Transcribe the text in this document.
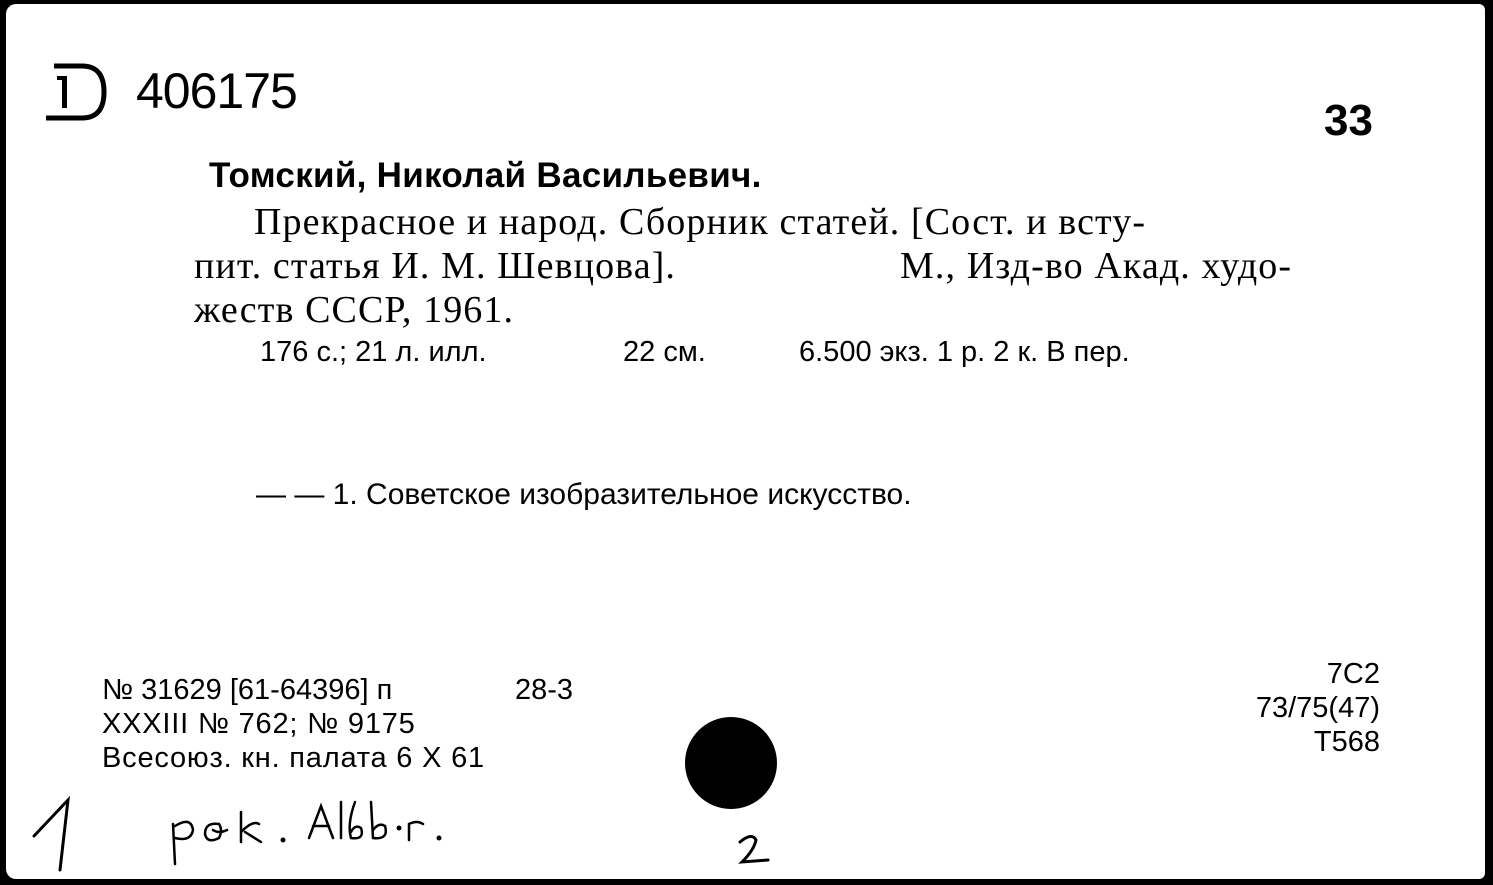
406175
33
Томский, Николай Васильевич.
Прекрасное и народ. Сборник статей. [Сост. и всту-
пит. статья И. М. Шевцова].	М., Изд-во Акад. худо-
жеств СССР, 1961.
176 с.; 21 л. илл.	22 см.	6.500 экз. 1 р. 2 к. В пер.
— — 1. Советское изобразительное искусство.
№ 31629 [61-64396] п	28-3
XXXIII № 762; № 9175
Всесоюз. кн. палата 6 X 61
7С2
73/75(47)
Т568
